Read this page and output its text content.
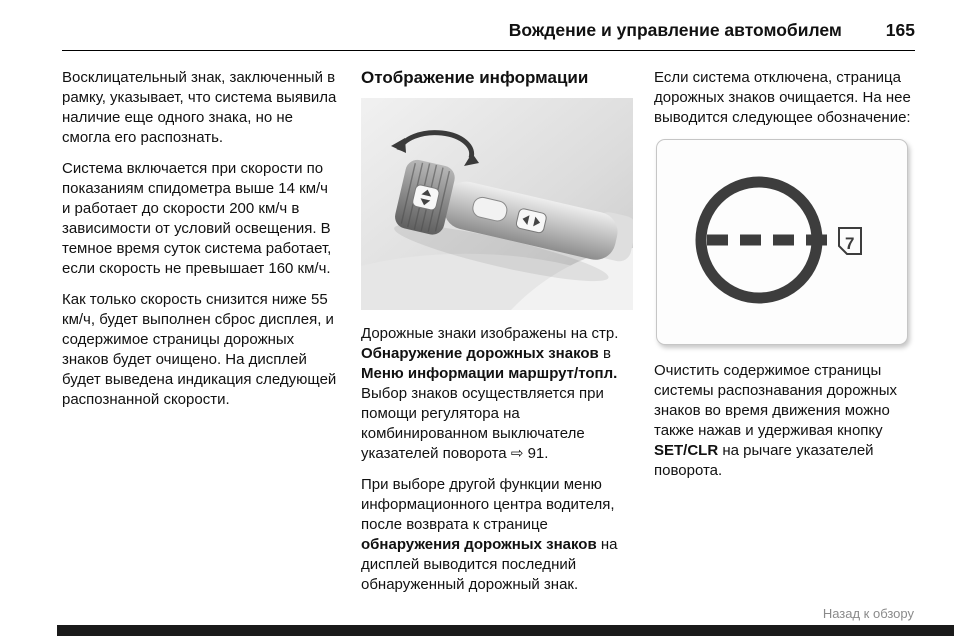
Вождение и управление автомобилем	165

Восклицательный знак, заключенный в рамку, указывает, что система выявила наличие еще одного знака, но не смогла его распознать.

Система включается при скорости по показаниям спидометра выше 14 км/ч и работает до скорости 200 км/ч в зависимости от условий освещения. В темное время суток система работает, если скорость не превышает 160 км/ч.

Как только скорость снизится ниже 55 км/ч, будет выполнен сброс дисплея, и содержимое страницы дорожных знаков будет очищено. На дисплей будет выведена индикация следующей распознанной скорости.

Отображение информации

Дорожные знаки изображены на стр. Обнаружение дорожных знаков в Меню информации маршрут/топл. Выбор знаков осуществляется при помощи регулятора на комбинированном выключателе указателей поворота ⇨ 91.

При выборе другой функции меню информационного центра водителя, после возврата к странице обнаружения дорожных знаков на дисплей выводится последний обнаруженный дорожный знак.

Если система отключена, страница дорожных знаков очищается. На нее выводится следующее обозначение:

7

Очистить содержимое страницы системы распознавания дорожных знаков во время движения можно также нажав и удерживая кнопку SET/CLR на рычаге указателей поворота.

Назад к обзору
